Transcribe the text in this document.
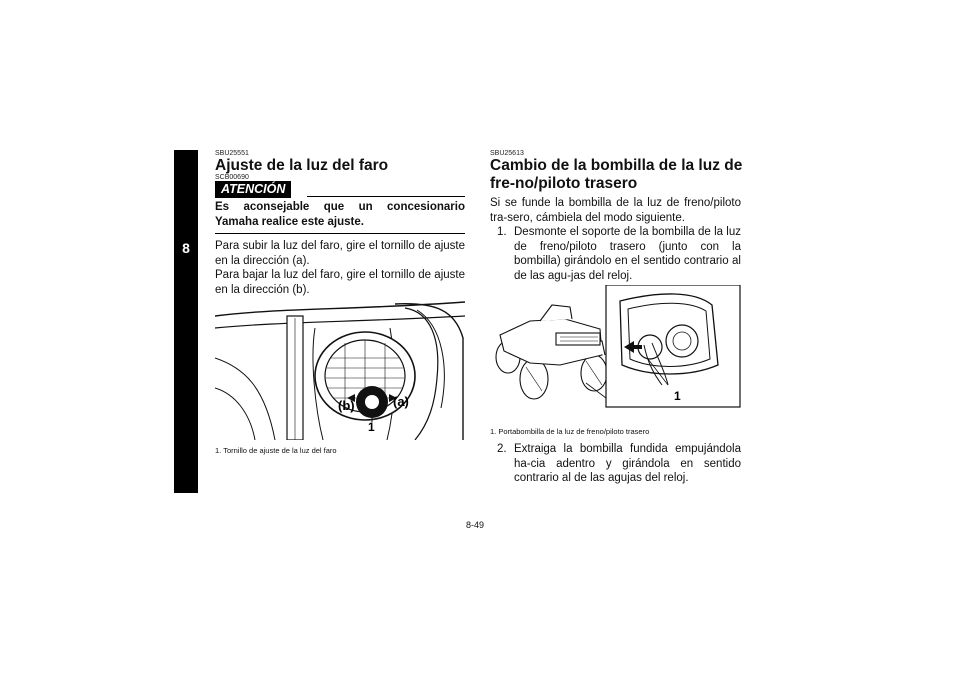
8
SBU25551
Ajuste de la luz del faro
SCB00690
ATENCIÓN
Es aconsejable que un concesionario Yamaha realice este ajuste.
Para subir la luz del faro, gire el tornillo de ajuste en la dirección (a).
Para bajar la luz del faro, gire el tornillo de ajuste en la dirección (b).
(b)	(a)
1
1. Tornillo de ajuste de la luz del faro
SBU25613
Cambio de la bombilla de la luz de fre-no/piloto trasero
Si se funde la bombilla de la luz de freno/piloto tra-sero, cámbiela del modo siguiente.
1. Desmonte el soporte de la bombilla de la luz de freno/piloto trasero (junto con la bombilla) girándolo en el sentido contrario al de las agu-jas del reloj.
1
1. Portabombilla de la luz de freno/piloto trasero
2. Extraiga la bombilla fundida empujándola ha-cia adentro y girándola en sentido contrario al de las agujas del reloj.
8-49
